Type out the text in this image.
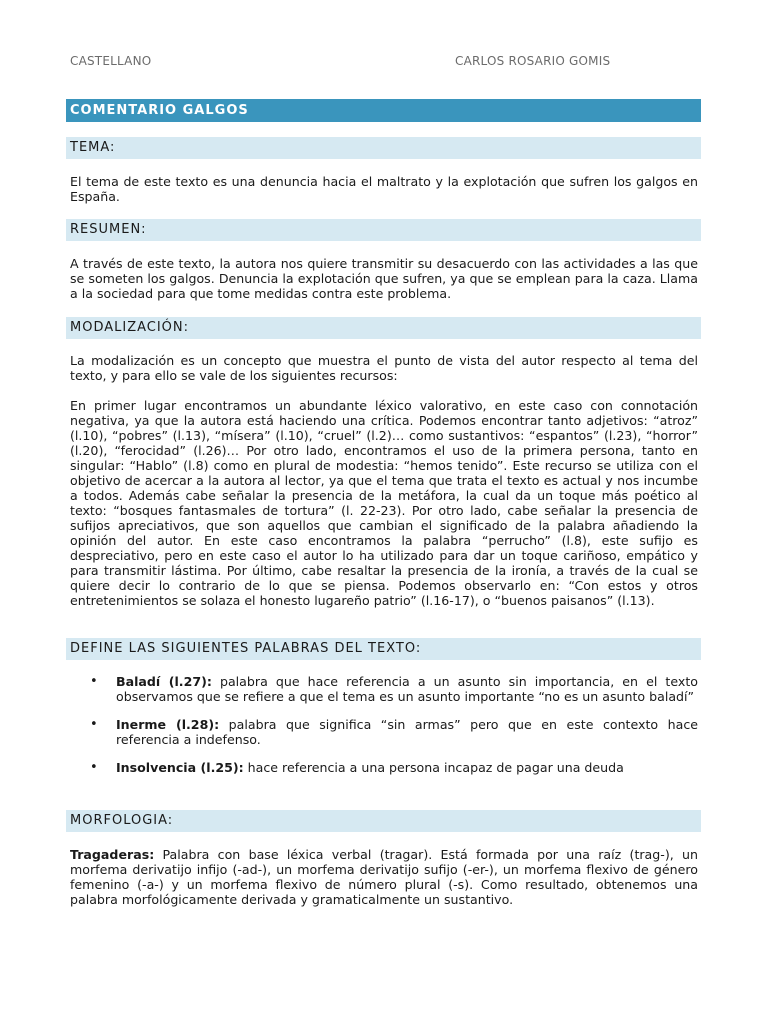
CASTELLANO	CARLOS ROSARIO GOMIS
COMENTARIO GALGOS
TEMA:

El tema de este texto es una denuncia hacia el maltrato y la explotación que sufren los galgos en España.

RESUMEN:

A través de este texto, la autora nos quiere transmitir su desacuerdo con las actividades a las que se someten los galgos. Denuncia la explotación que sufren, ya que se emplean para la caza. Llama a la sociedad para que tome medidas contra este problema.

MODALIZACIÓN:

La modalización es un concepto que muestra el punto de vista del autor respecto al tema del texto, y para ello se vale de los siguientes recursos:

En primer lugar encontramos un abundante léxico valorativo, en este caso con connotación negativa, ya que la autora está haciendo una crítica. Podemos encontrar tanto adjetivos: “atroz” (l.10), “pobres” (l.13), “mísera” (l.10), “cruel” (l.2)… como sustantivos: “espantos” (l.23), “horror” (l.20), “ferocidad” (l.26)… Por otro lado, encontramos el uso de la primera persona, tanto en singular: “Hablo” (l.8) como en plural de modestia: “hemos tenido”. Este recurso se utiliza con el objetivo de acercar a la autora al lector, ya que el tema que trata el texto es actual y nos incumbe a todos. Además cabe señalar la presencia de la metáfora, la cual da un toque más poético al texto: “bosques fantasmales de tortura” (l. 22-23). Por otro lado, cabe señalar la presencia de sufijos apreciativos, que son aquellos que cambian el significado de la palabra añadiendo la opinión del autor. En este caso encontramos la palabra “perrucho” (l.8), este sufijo es despreciativo, pero en este caso el autor lo ha utilizado para dar un toque cariñoso, empático y para transmitir lástima. Por último, cabe resaltar la presencia de la ironía, a través de la cual se quiere decir lo contrario de lo que se piensa. Podemos observarlo en: “Con estos y otros entretenimientos se solaza el honesto lugareño patrio” (l.16-17), o “buenos paisanos” (l.13).

DEFINE LAS SIGUIENTES PALABRAS DEL TEXTO:
• Baladí (l.27): palabra que hace referencia a un asunto sin importancia, en el texto observamos que se refiere a que el tema es un asunto importante “no es un asunto baladí”
• Inerme (l.28): palabra que significa “sin armas” pero que en este contexto hace referencia a indefenso.
• Insolvencia (l.25): hace referencia a una persona incapaz de pagar una deuda
MORFOLOGIA:

Tragaderas: Palabra con base léxica verbal (tragar). Está formada por una raíz (trag-), un morfema derivatijo infijo (-ad-), un morfema derivatijo sufijo (-er-), un morfema flexivo de género femenino (-a-) y un morfema flexivo de número plural (-s). Como resultado, obtenemos una palabra morfológicamente derivada y gramaticalmente un sustantivo.
